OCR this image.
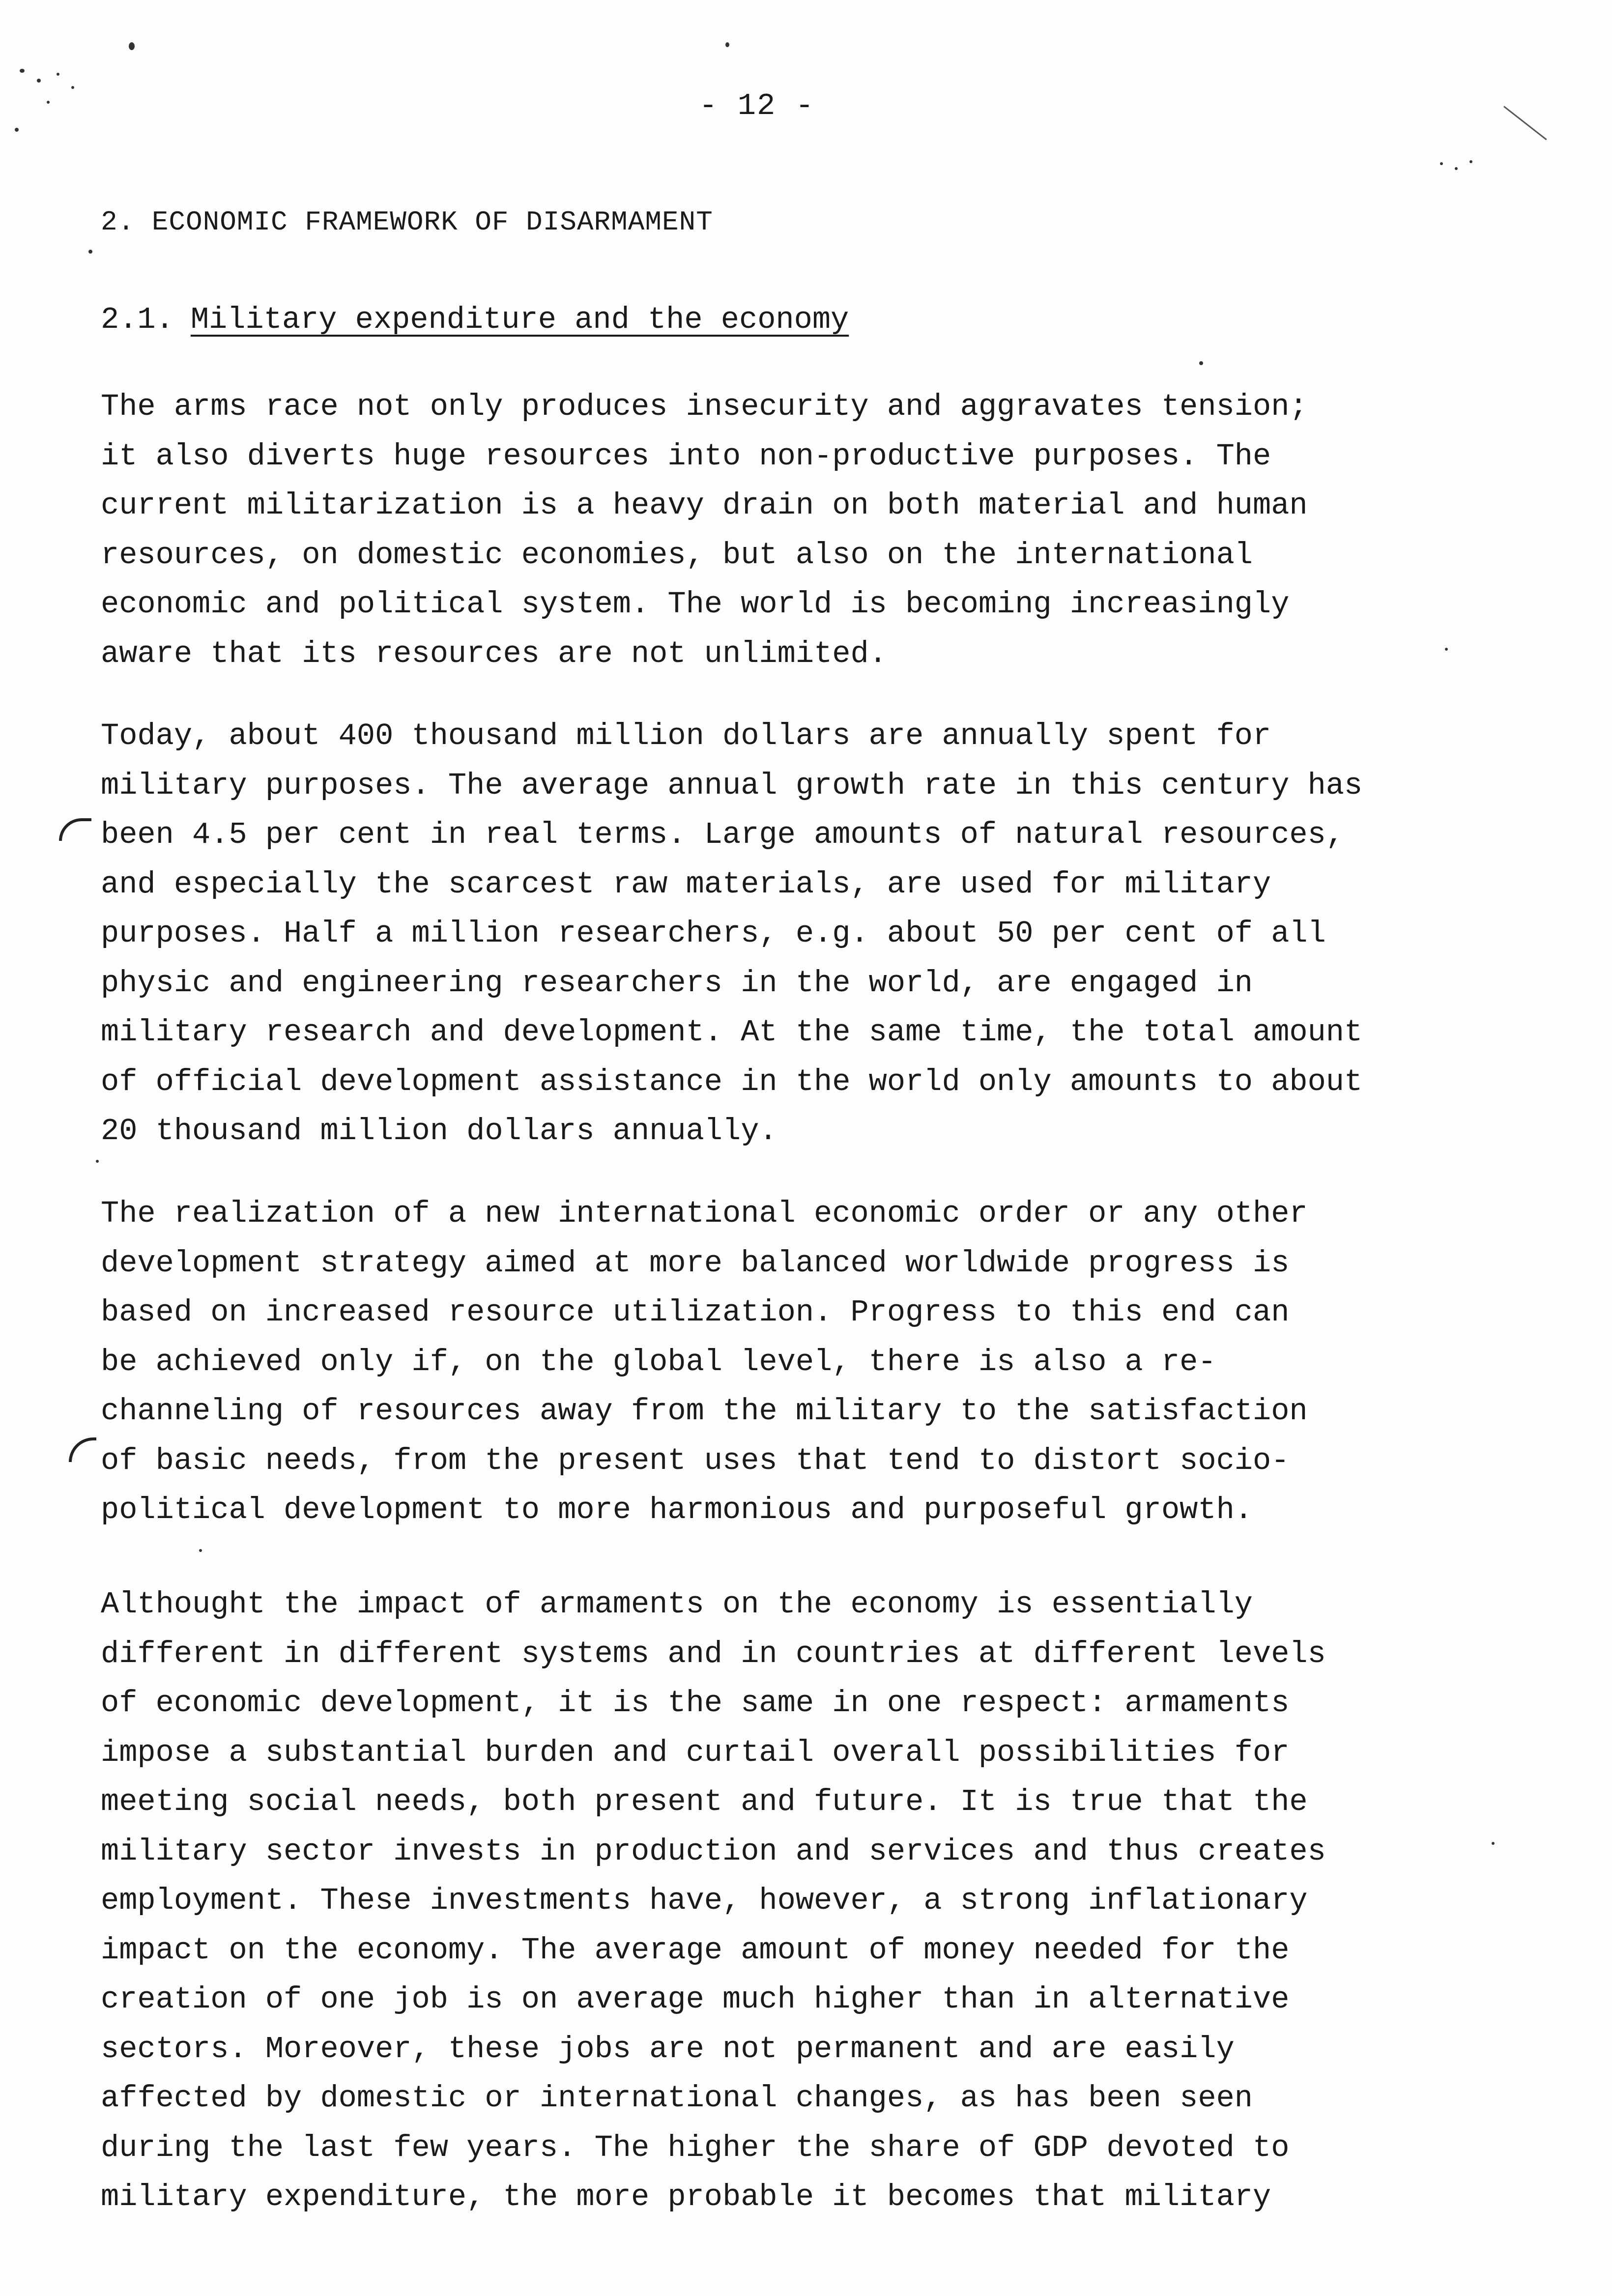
- 12 -
2. ECONOMIC FRAMEWORK OF DISARMAMENT
2.1. Military expenditure and the economy

The arms race not only produces insecurity and aggravates tension;
it also diverts huge resources into non-productive purposes. The
current militarization is a heavy drain on both material and human
resources, on domestic economies, but also on the international
economic and political system. The world is becoming increasingly
aware that its resources are not unlimited.

Today, about 400 thousand million dollars are annually spent for
military purposes. The average annual growth rate in this century has
been 4.5 per cent in real terms. Large amounts of natural resources,
and especially the scarcest raw materials, are used for military
purposes. Half a million researchers, e.g. about 50 per cent of all
physic and engineering researchers in the world, are engaged in
military research and development. At the same time, the total amount
of official development assistance in the world only amounts to about
20 thousand million dollars annually.

The realization of a new international economic order or any other
development strategy aimed at more balanced worldwide progress is
based on increased resource utilization. Progress to this end can
be achieved only if, on the global level, there is also a re-
channeling of resources away from the military to the satisfaction
of basic needs, from the present uses that tend to distort socio-
political development to more harmonious and purposeful growth.

Althought the impact of armaments on the economy is essentially
different in different systems and in countries at different levels
of economic development, it is the same in one respect: armaments
impose a substantial burden and curtail overall possibilities for
meeting social needs, both present and future. It is true that the
military sector invests in production and services and thus creates
employment. These investments have, however, a strong inflationary
impact on the economy. The average amount of money needed for the
creation of one job is on average much higher than in alternative
sectors. Moreover, these jobs are not permanent and are easily
affected by domestic or international changes, as has been seen
during the last few years. The higher the share of GDP devoted to
military expenditure, the more probable it becomes that military
